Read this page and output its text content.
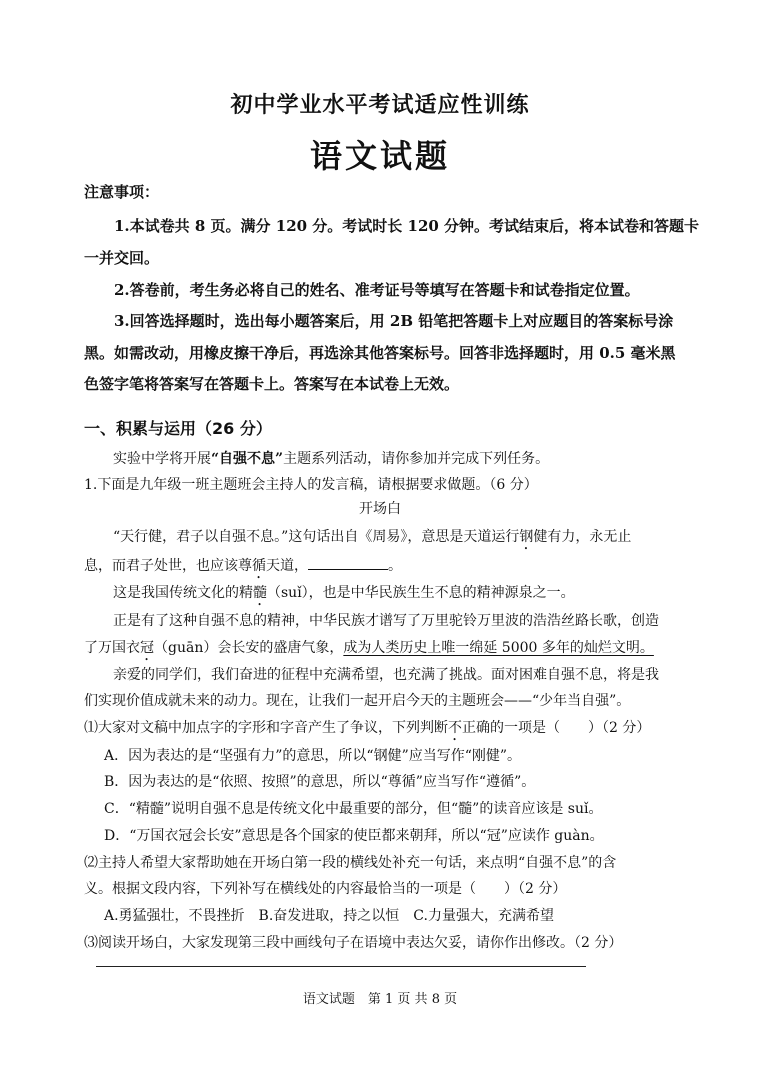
初中学业水平考试适应性训练
语文试题
注意事项：
1.本试卷共 8 页。满分 120 分。考试时长 120 分钟。考试结束后，将本试卷和答题卡
一并交回。
2.答卷前，考生务必将自己的姓名、准考证号等填写在答题卡和试卷指定位置。
3.回答选择题时，选出每小题答案后，用 2B 铅笔把答题卡上对应题目的答案标号涂
黑。如需改动，用橡皮擦干净后，再选涂其他答案标号。回答非选择题时，用 0.5 毫米黑
色签字笔将答案写在答题卡上。答案写在本试卷上无效。
一、积累与运用（26 分）
实验中学将开展“自强不息”主题系列活动，请你参加并完成下列任务。
1.下面是九年级一班主题班会主持人的发言稿，请根据要求做题。（6 分）
开场白
“天行健，君子以自强不息。”这句话出自《周易》，意思是天道运行钢健有力，永无止
息，而君子处世，也应该尊循天道，	。
这是我国传统文化的精髓（suǐ），也是中华民族生生不息的精神源泉之一。
正是有了这种自强不息的精神，中华民族才谱写了万里驼铃万里波的浩浩丝路长歌，创造
了万国衣冠（guān）会长安的盛唐气象，成为人类历史上唯一绵延 5000 多年的灿烂文明。
亲爱的同学们，我们奋进的征程中充满希望，也充满了挑战。面对困难自强不息，将是我
们实现价值成就未来的动力。现在，让我们一起开启今天的主题班会——“少年当自强”。
⑴大家对文稿中加点字的字形和字音产生了争议，下列判断不正确的一项是（　　）（2 分）
A．因为表达的是“坚强有力”的意思，所以“钢健”应当写作“刚健”。
B．因为表达的是“依照、按照”的意思，所以“尊循”应当写作“遵循”。
C．“精髓”说明自强不息是传统文化中最重要的部分，但“髓”的读音应该是 suǐ。
D．“万国衣冠会长安”意思是各个国家的使臣都来朝拜，所以“冠”应读作 guàn。
⑵主持人希望大家帮助她在开场白第一段的横线处补充一句话，来点明“自强不息”的含
义。根据文段内容，下列补写在横线处的内容最恰当的一项是（　　）（2 分）
A.勇猛强壮，不畏挫折　B.奋发进取，持之以恒　C.力量强大，充满希望
⑶阅读开场白，大家发现第三段中画线句子在语境中表达欠妥，请你作出修改。（2 分）
语文试题　第 1 页 共 8 页
